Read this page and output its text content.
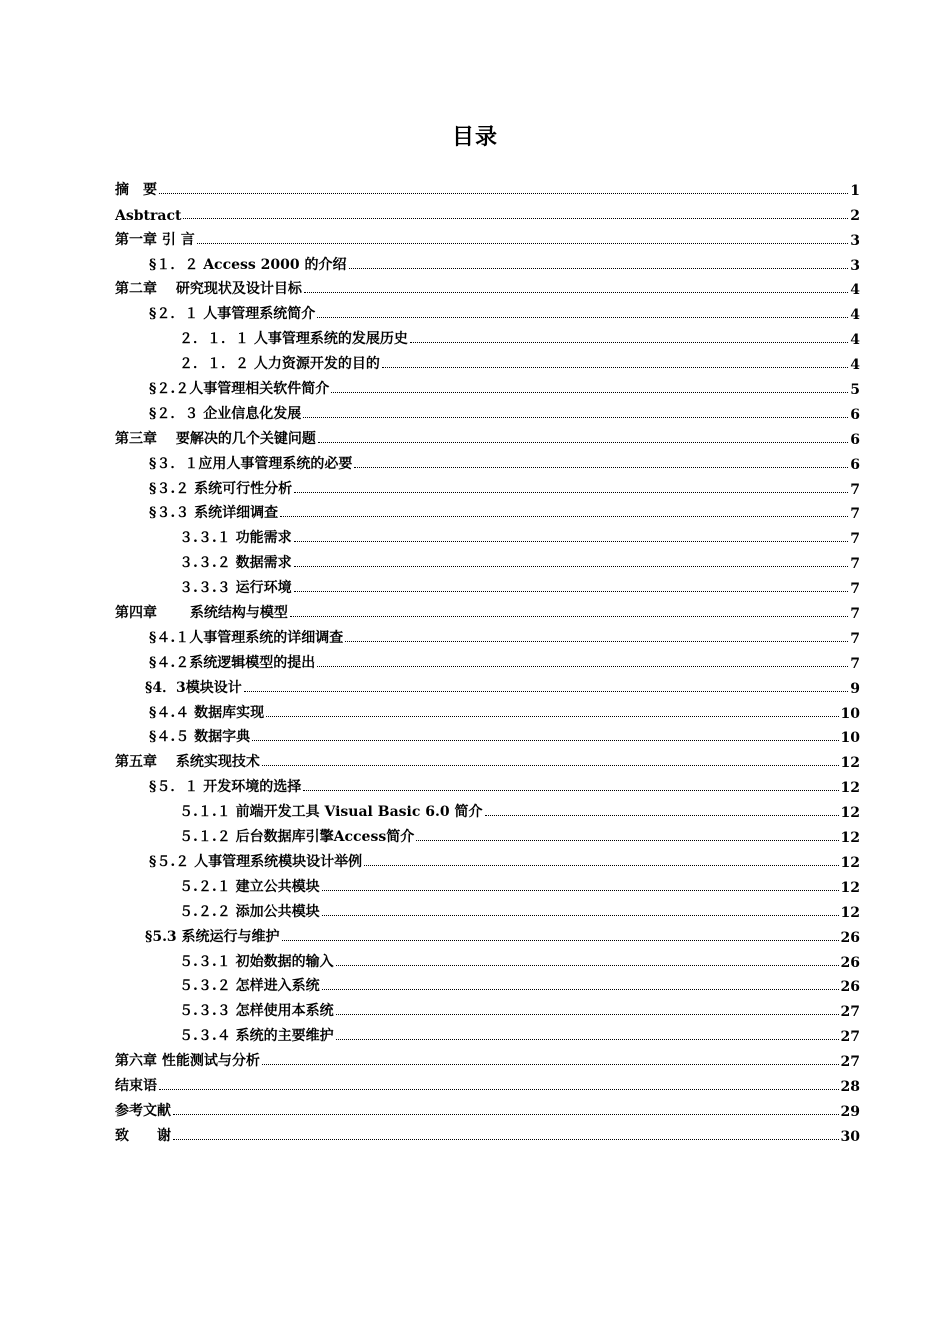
目录
摘　要	1
Asbtract	2
第一章 引 言	3
§１．２ Access 2000 的介绍	3
第二章　 研究现状及设计目标	4
§２．１ 人事管理系统简介	4
２．１．１ 人事管理系统的发展历史	4
２．１．２ 人力资源开发的目的	4
§２.２人事管理相关软件简介	5
§２．３ 企业信息化发展	6
第三章　 要解决的几个关键问题	6
§３．１应用人事管理系统的必要	6
§３.２ 系统可行性分析	7
§３.３ 系统详细调查	7
３.３.１ 功能需求	7
３.３.２ 数据需求	7
３.３.３ 运行环境	7
第四章　　 系统结构与模型	7
§４.１人事管理系统的详细调查	7
§４.２系统逻辑模型的提出	7
§4．3模块设计	9
§４.４ 数据库实现	10
§４.５ 数据字典	10
第五章　 系统实现技术	12
§５．１ 开发环境的选择	12
５.１.１ 前端开发工具 Visual Basic 6.0 简介	12
５.１.２ 后台数据库引擎Access简介	12
§５.２ 人事管理系统模块设计举例	12
５.２.１ 建立公共模块	12
５.２.２ 添加公共模块	12
§5.3 系统运行与维护	26
５.３.１ 初始数据的输入	26
５.３.２ 怎样进入系统	26
５.３.３ 怎样使用本系统	27
５.３.４ 系统的主要维护	27
第六章 性能测试与分析	27
结束语	28
参考文献	29
致　　谢	30
